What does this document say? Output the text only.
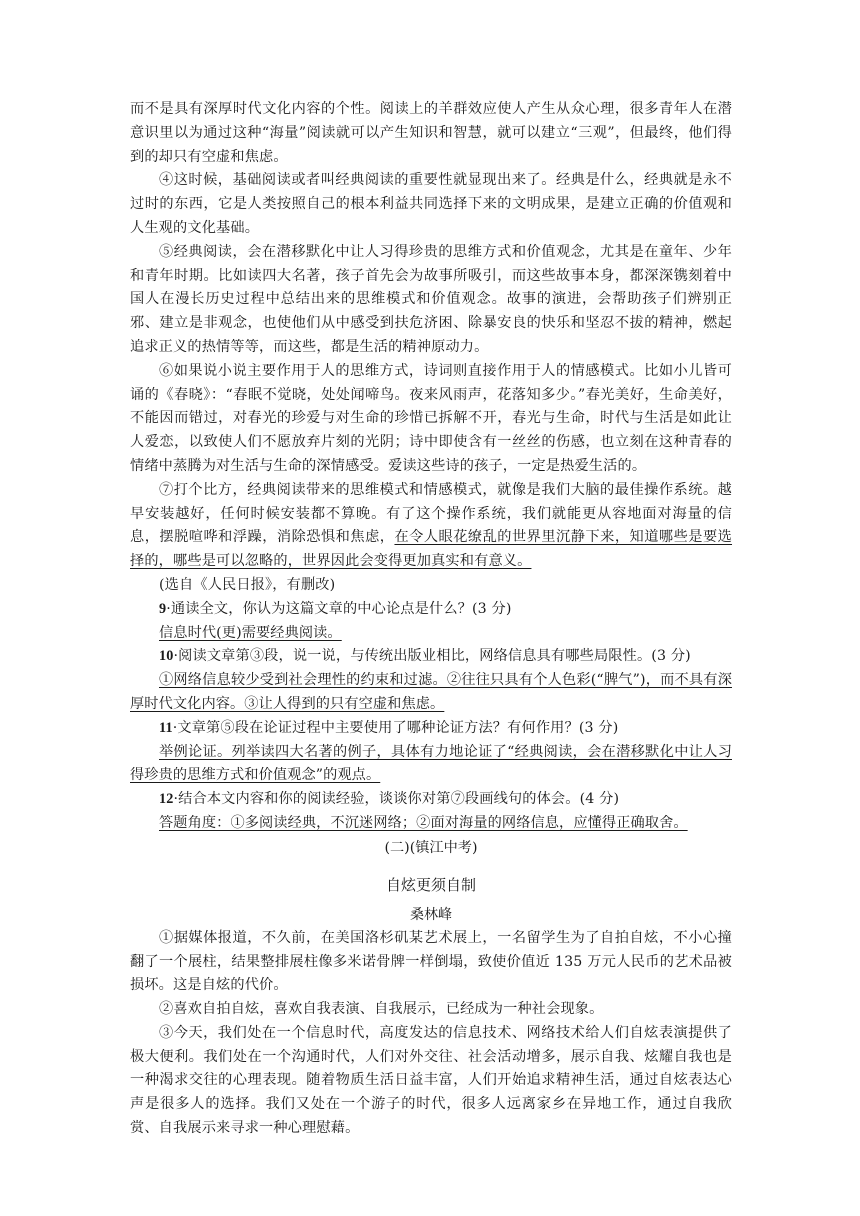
而不是具有深厚时代文化内容的个性。阅读上的羊群效应使人产生从众心理，很多青年人在潜意识里以为通过这种“海量”阅读就可以产生知识和智慧，就可以建立“三观”，但最终，他们得到的却只有空虚和焦虑。

④这时候，基础阅读或者叫经典阅读的重要性就显现出来了。经典是什么，经典就是永不过时的东西，它是人类按照自己的根本利益共同选择下来的文明成果，是建立正确的价值观和人生观的文化基础。

⑤经典阅读，会在潜移默化中让人习得珍贵的思维方式和价值观念，尤其是在童年、少年和青年时期。比如读四大名著，孩子首先会为故事所吸引，而这些故事本身，都深深镌刻着中国人在漫长历史过程中总结出来的思维模式和价值观念。故事的演进，会帮助孩子们辨别正邪、建立是非观念，也使他们从中感受到扶危济困、除暴安良的快乐和坚忍不拔的精神，燃起追求正义的热情等等，而这些，都是生活的精神原动力。

⑥如果说小说主要作用于人的思维方式，诗词则直接作用于人的情感模式。比如小儿皆可诵的《春晓》：“春眠不觉晓，处处闻啼鸟。夜来风雨声，花落知多少。”春光美好，生命美好，不能因而错过，对春光的珍爱与对生命的珍惜已拆解不开，春光与生命，时代与生活是如此让人爱恋，以致使人们不愿放弃片刻的光阴；诗中即使含有一丝丝的伤感，也立刻在这种青春的情绪中蒸腾为对生活与生命的深情感受。爱读这些诗的孩子，一定是热爱生活的。

⑦打个比方，经典阅读带来的思维模式和情感模式，就像是我们大脑的最佳操作系统。越早安装越好，任何时候安装都不算晚。有了这个操作系统，我们就能更从容地面对海量的信息，摆脱喧哗和浮躁，消除恐惧和焦虑，在令人眼花缭乱的世界里沉静下来，知道哪些是要选择的，哪些是可以忽略的，世界因此会变得更加真实和有意义。

(选自《人民日报》，有删改)

9·通读全文，你认为这篇文章的中心论点是什么？(3 分)

信息时代(更)需要经典阅读。

10·阅读文章第③段，说一说，与传统出版业相比，网络信息具有哪些局限性。(3 分)

①网络信息较少受到社会理性的约束和过滤。②往往只具有个人色彩(“脾气”)，而不具有深厚时代文化内容。③让人得到的只有空虚和焦虑。

11·文章第⑤段在论证过程中主要使用了哪种论证方法？有何作用？(3 分)

举例论证。列举读四大名著的例子，具体有力地论证了“经典阅读，会在潜移默化中让人习得珍贵的思维方式和价值观念”的观点。

12·结合本文内容和你的阅读经验，谈谈你对第⑦段画线句的体会。(4 分)

答题角度：①多阅读经典，不沉迷网络；②面对海量的网络信息，应懂得正确取舍。

(二)(镇江中考)

自炫更须自制

桑林峰

①据媒体报道，不久前，在美国洛杉矶某艺术展上，一名留学生为了自拍自炫，不小心撞翻了一个展柱，结果整排展柱像多米诺骨牌一样倒塌，致使价值近 135 万元人民币的艺术品被损坏。这是自炫的代价。

②喜欢自拍自炫，喜欢自我表演、自我展示，已经成为一种社会现象。

③今天，我们处在一个信息时代，高度发达的信息技术、网络技术给人们自炫表演提供了极大便利。我们处在一个沟通时代，人们对外交往、社会活动增多，展示自我、炫耀自我也是一种渴求交往的心理表现。随着物质生活日益丰富，人们开始追求精神生活，通过自炫表达心声是很多人的选择。我们又处在一个游子的时代，很多人远离家乡在异地工作，通过自我欣赏、自我展示来寻求一种心理慰藉。
